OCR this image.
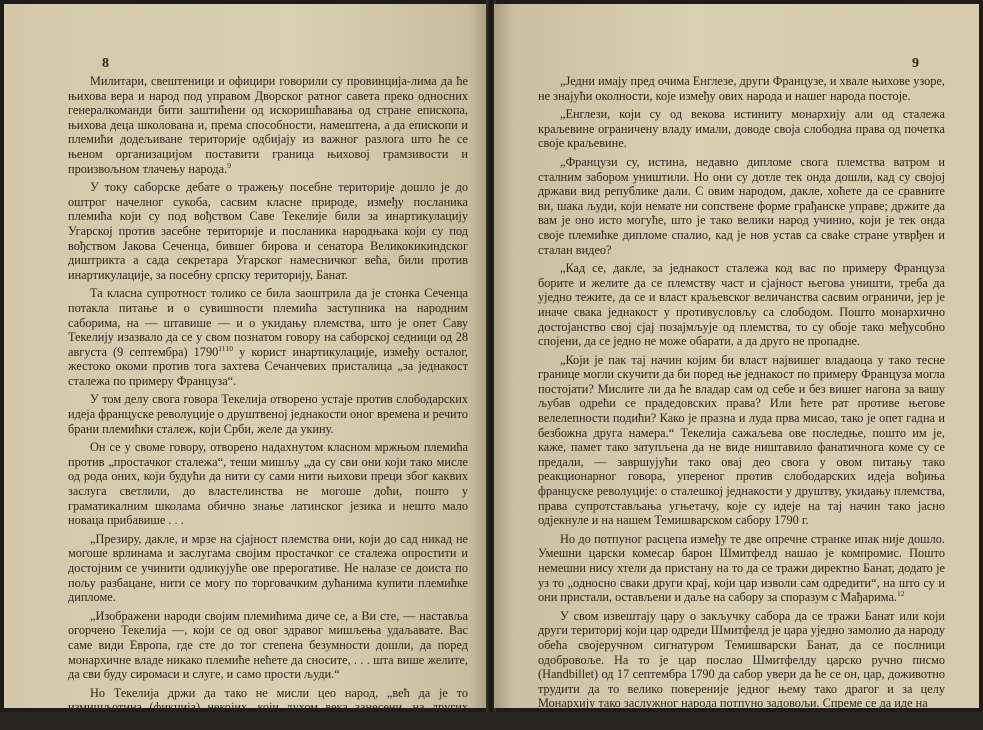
8

Милитари, свештеници и официри говорили су провинција-лима да ће њихова вера и народ под управом Дворског ратног савета преко односних генералкоманди бити заштићени од искоришћавања од стране епископа, њихова деца школована и, према способности, намештена, а да епископи и племићи додељиване територије одбијају из важног разлога што ће се њеном организацијом поставити граница њиховој грамзивости и произвољном тлачењу народа.$^9$

У току саборске дебате о тражењу посебне територије дошло је до оштрог начелног сукоба, сасвим класне природе, између посланика племића који су под вођством Саве Текелије били за инартикулацију Угарској против засебне територије и посланика народњака који су под вођством Јакова Сеченца, бившег бирова и сенатора Великокикиндског диштрикта а сада секретара Угарског намесничког већа, били против инартикулације, за посебну српску територију, Банат.

Та класна супротност толико се била заоштрила да је стонка Сеченца потакла питање и о сувишности племића заступника на народним саборима, на — штавише — и о укидању племства, што је опет Саву Текелију изазвало да се у свом познатом говору на саборској седници од 28 августа (9 септембра) $1790^{1110}$ у корист инартикулације, између осталог, жестоко окоми против тога захтева Сечанчевих присталица „за једнакост сталежа по примеру Француза“.

У том делу свога говора Текелија отворено устаје против слободарских идеја француске револуције о друштвеној једнакости оног времена и речито брани племићки сталеж, који Срби, желе да укину.

Он се у своме говору, отворено надахнутом класном мржњом племића против „простачког сталежа“, теши мишљу „да су сви они који тако мисле од рода оних, који будући да нити су сами нити њихови преци због каквих заслуга светлили, до властелинства не могоше доћи, пошто у граматикалним школама обично знање латинског језика и нешто мало новаца прибавише . . .

„Презиру, дакле, и мрзе на сјајност племства они, који до сад никад не могоше врлинама и заслугама својим простачког се сталежа опростити и достојним се учинити одликујуће ове прерогативе. Не налазе се доиста по пољу разбацане, нити се могу по торговачким дућанима купити племићке дипломе.

„Изображени народи својим племићима диче се, а Ви сте, — наставља огорчено Текелија —, који се од овог здравог мишљења удаљавате. Вас саме види Европа, где сте до тог степена безумности дошли, да поред монархичне владе никако племиће нећете да сносите, . . . шта више желите, да сви буду сиромаси и слуге, и само прости људи.“

Но Текелија држи да тако не мисли цео народ, „већ да је то измишљотина (фикција) некојих, који духом века занесени, на других народа узоре се обзиру“.

9

„Једни имају пред очима Енглезе, други Французе, и хвале њихове узоре, не знајући околности, које између ових народа и нашег народа постоје.

„Енглези, који су од векова истиниту монархију али од сталежа краљевине ограничену владу имали, доводе своја слободна права од почетка своје краљевине.

„Французи су, истина, недавно дипломе свога племства ватром и сталним забором уништили. Но они су дотле тек онда дошли, кад су својој држави вид републике дали. С овим народом, дакле, хоћете да се сравните ви, шака људи, који немате ни сопствене форме грађанске управе; држите да вам је оно исто могуће, што је тако велики народ учинио, који је тек онда своје племићке дипломе спалио, кад је нов устав са свake стране утврђен и сталан видео?

„Кад се, дакле, за једнакост сталежа код вас по примеру Француза борите и желите да се племству част и сјајност његова уништи, треба да уједно тежите, да се и власт краљевског величанства сасвим ограничи, јер је иначе свака једнакост у противусловљу са слободом. Пошто монархично достојанство свој сјај позајмљује од племства, то су обоје тако међусобно спојени, да се једно не може обарати, а да друго не пропадне.

„Који је пак тај начин којим би власт највишег владаоца у тако тесне границе могли скучити да би поред ње једнакост по примеру Француза могла постојати? Мислите ли да ће владар сам од себе и без вишег нагона за вашу љубав одрећи се прадедовских права? Или ћете рат противе његове велелепности подићи? Како је празна и луда прва мисао, тако је опет гадна и безбожна друга намера.“ Текелија сажаљева ове последње, пошто им је, каже, памет тако затупљена да не виде ништавило фанатичнога коме су се предали, — завршујући тако овај део свога у овом питању тако реакционарног говора, упереног против слободарских идеја вођиња француске револуције: о сталешкој једнакости у друштву, укидању племства, права супротстављања угњетачу, које су идеје на тај начин тако јасно одјекнуле и на нашем Темишварском сабору 1790 г.

Но до потпуног расцепа између те две опречне странке ипак није дошло. Умешни царски комесар барон Шмитфелд нашао је компромис. Пошто немешни нису хтели да пристану на то да се тражи директно Банат, додато је уз то „односно сваки други крај, који цар изволи сам одредити“, на што су и они пристали, остављени и даље на сабору за споразум с Мађарима.$^{12}$

У свом извештају цару о закључку сабора да се тражи Банат или који други териториј који цар одреди Шмитфелд је цара уједно замолио да народу обећа својеручном сигнатуром Темишварски Банат, да се послници одобровоље. На то је цар послао Шмитфелду царско ручно писмо (Handbillet) од 17 септембра 1790 да сабор увери да ће се он, цар, доживотно трудити да то велико повереније једног њему тако драгог и за целу Монархију тако заслужног народа потпуно задовољи. Спреме се да иде на
